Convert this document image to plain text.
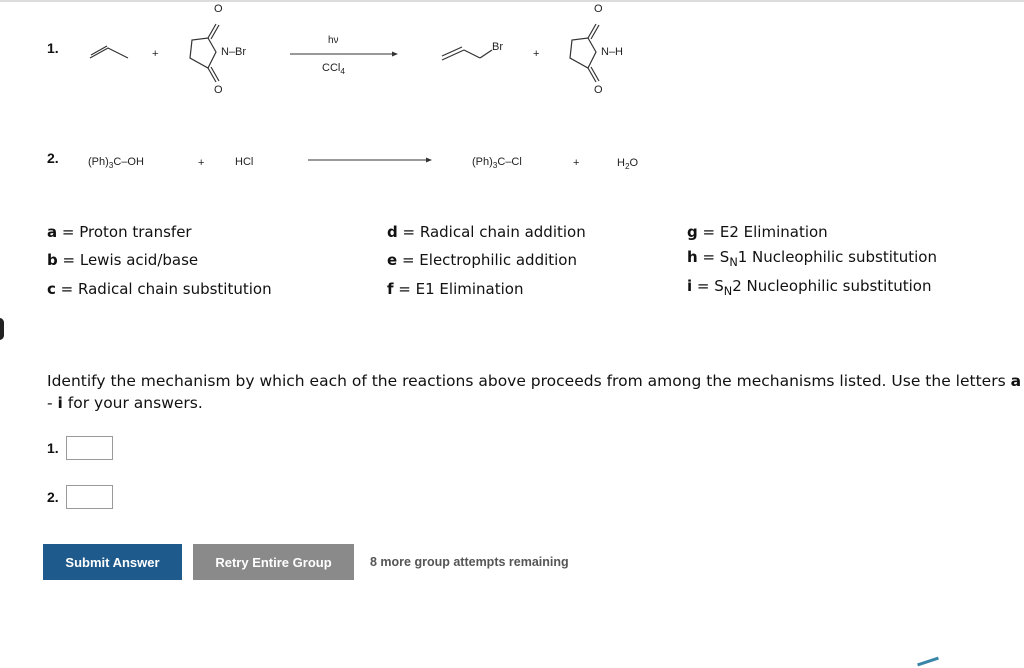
1.	+
O
O
N–Br
hν
CCl$_4$
Br
+
O
O
N–H
2.	$(Ph)_3C-OH$	+	HCl	$(Ph)_3C-Cl$	+	$H_2O$
a = Proton transfer
b = Lewis acid/base
c = Radical chain substitution
d = Radical chain addition
e = Electrophilic addition
f = E1 Elimination
g = E2 Elimination
$h = S_N1$ Nucleophilic substitution
$i = S_N2$ Nucleophilic substitution
Identify the mechanism by which each of the reactions above proceeds from among the mechanisms listed. Use the letters a - i for your answers.
1.
2.
Submit Answer	Retry Entire Group	8 more group attempts remaining
